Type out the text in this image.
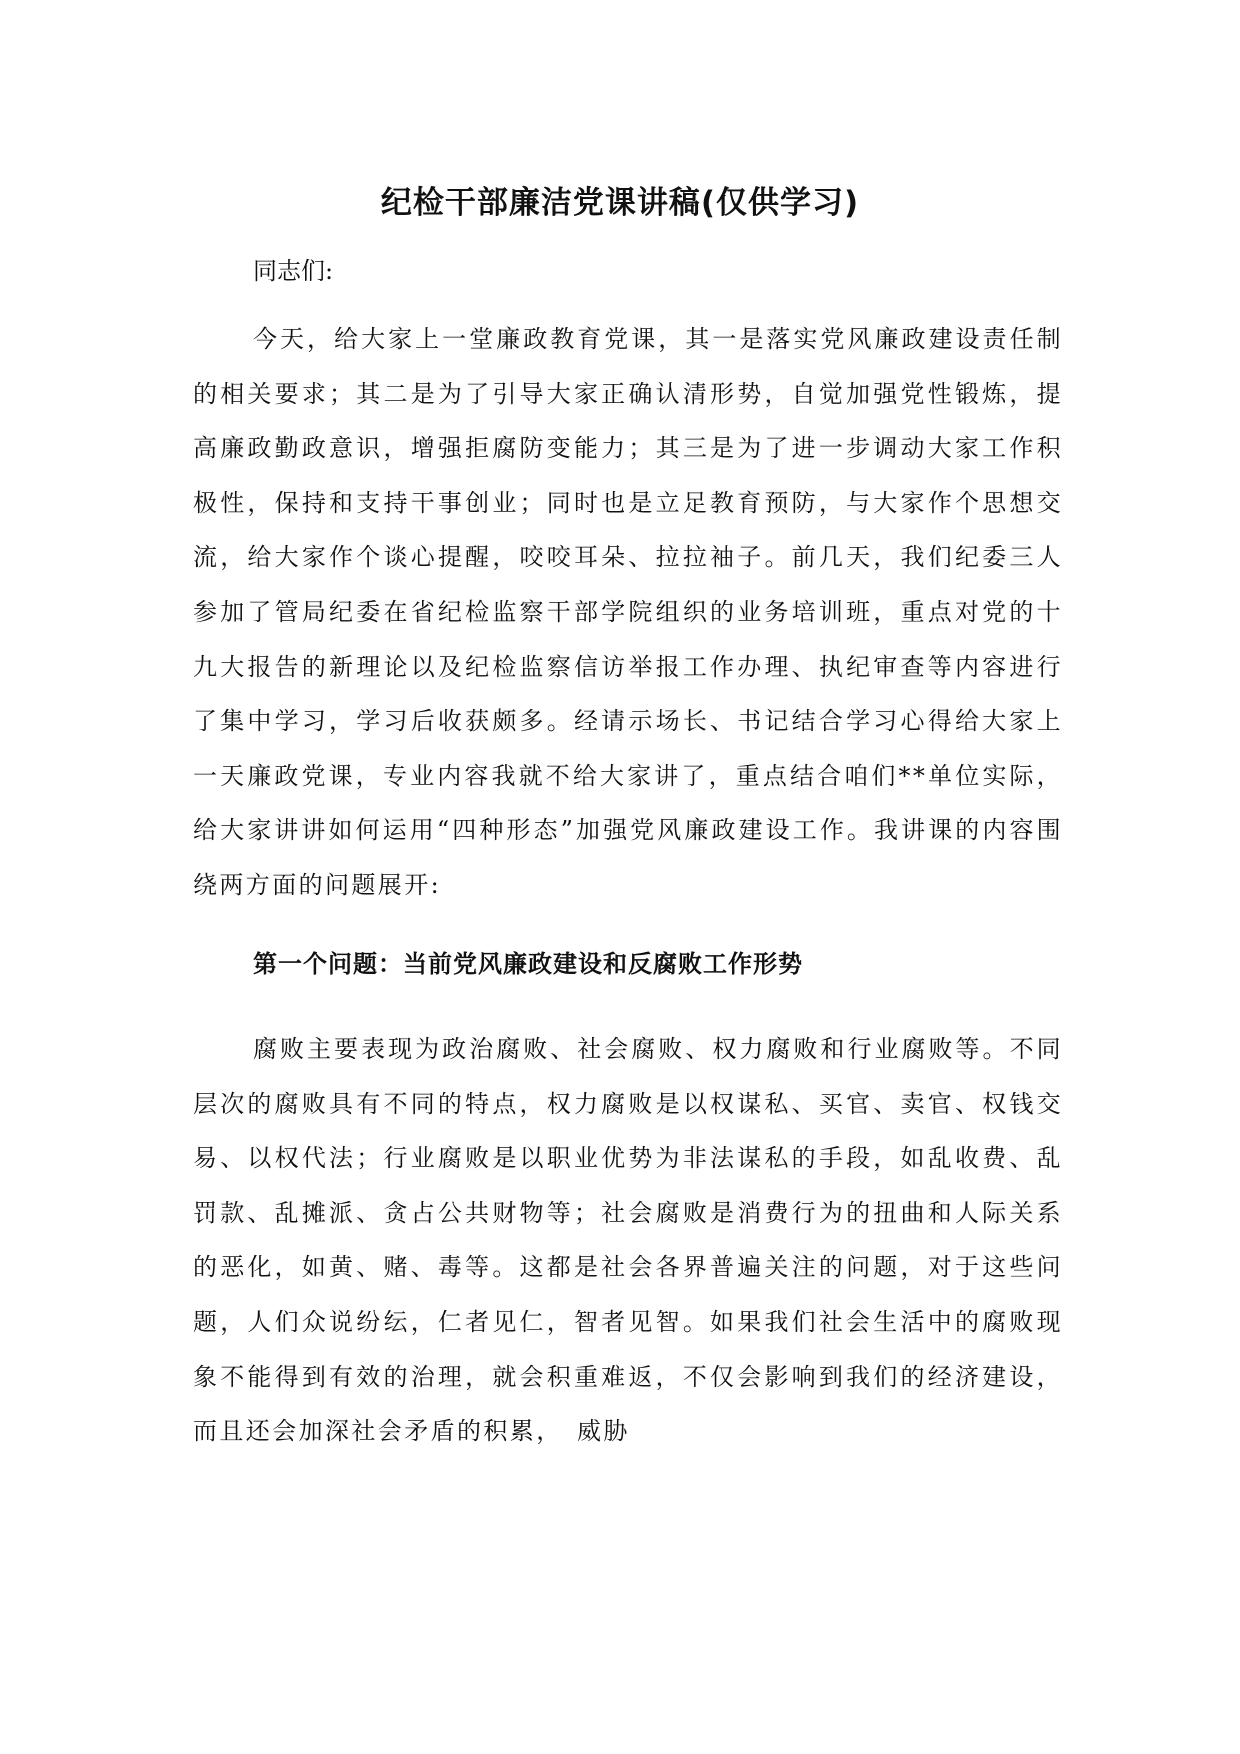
纪检干部廉洁党课讲稿(仅供学习)

同志们:

今天，给大家上一堂廉政教育党课，其一是落实党风廉政建设责任制的相关要求；其二是为了引导大家正确认清形势，自觉加强党性锻炼，提高廉政勤政意识，增强拒腐防变能力；其三是为了进一步调动大家工作积极性，保持和支持干事创业；同时也是立足教育预防，与大家作个思想交流，给大家作个谈心提醒，咬咬耳朵、拉拉袖子。前几天，我们纪委三人参加了管局纪委在省纪检监察干部学院组织的业务培训班，重点对党的十九大报告的新理论以及纪检监察信访举报工作办理、执纪审查等内容进行了集中学习，学习后收获颇多。经请示场长、书记结合学习心得给大家上一天廉政党课，专业内容我就不给大家讲了，重点结合咱们**单位实际，给大家讲讲如何运用“四种形态”加强党风廉政建设工作。我讲课的内容围绕两方面的问题展开:

第一个问题：当前党风廉政建设和反腐败工作形势

腐败主要表现为政治腐败、社会腐败、权力腐败和行业腐败等。不同层次的腐败具有不同的特点，权力腐败是以权谋私、买官、卖官、权钱交易、以权代法；行业腐败是以职业优势为非法谋私的手段，如乱收费、乱罚款、乱摊派、贪占公共财物等；社会腐败是消费行为的扭曲和人际关系的恶化，如黄、赌、毒等。这都是社会各界普遍关注的问题，对于这些问题，人们众说纷纭，仁者见仁，智者见智。如果我们社会生活中的腐败现象不能得到有效的治理，就会积重难返，不仅会影响到我们的经济建设，而且还会加深社会矛盾的积累，　威胁
